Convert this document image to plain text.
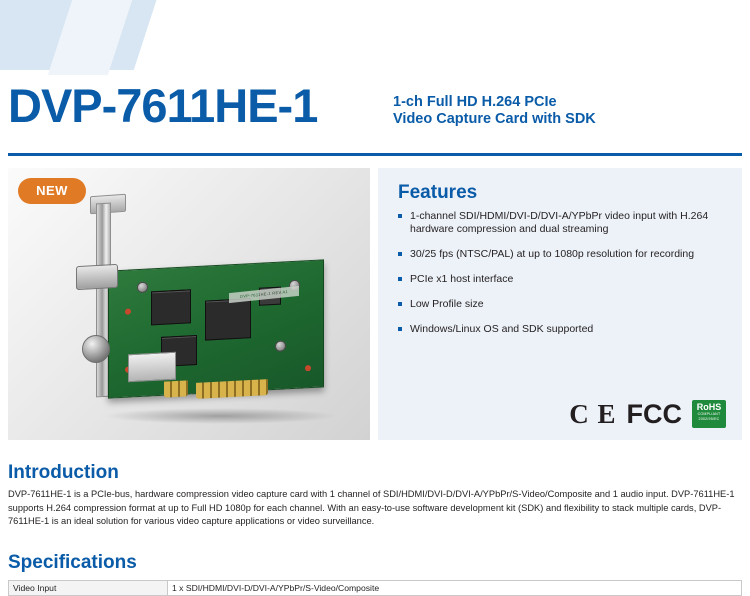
DVP-7611HE-1	1-ch Full HD H.264 PCIe
Video Capture Card with SDK
NEW
DVP-7611HE-1 REV.A1
Features
1-channel SDI/HDMI/DVI-D/DVI-A/YPbPr video input with H.264 hardware compression and dual streaming
30/25 fps (NTSC/PAL) at up to 1080p resolution for recording
PCIe x1 host interface
Low Profile size
Windows/Linux OS and SDK supported
C E FCC	RoHS
COMPLIANT
2002/95/EC
Introduction
DVP-7611HE-1 is a PCIe-bus, hardware compression video capture card with 1 channel of SDI/HDMI/DVI-D/DVI-A/YPbPr/S-Video/Composite and 1 audio input. DVP-7611HE-1 supports H.264 compression format at up to Full HD 1080p for each channel. With an easy-to-use software development kit (SDK) and flexibility to stack multiple cards, DVP-7611HE-1 is an ideal solution for various video capture applications or video surveillance.
Specifications
Video Input	1 x SDI/HDMI/DVI-D/DVI-A/YPbPr/S-Video/Composite
